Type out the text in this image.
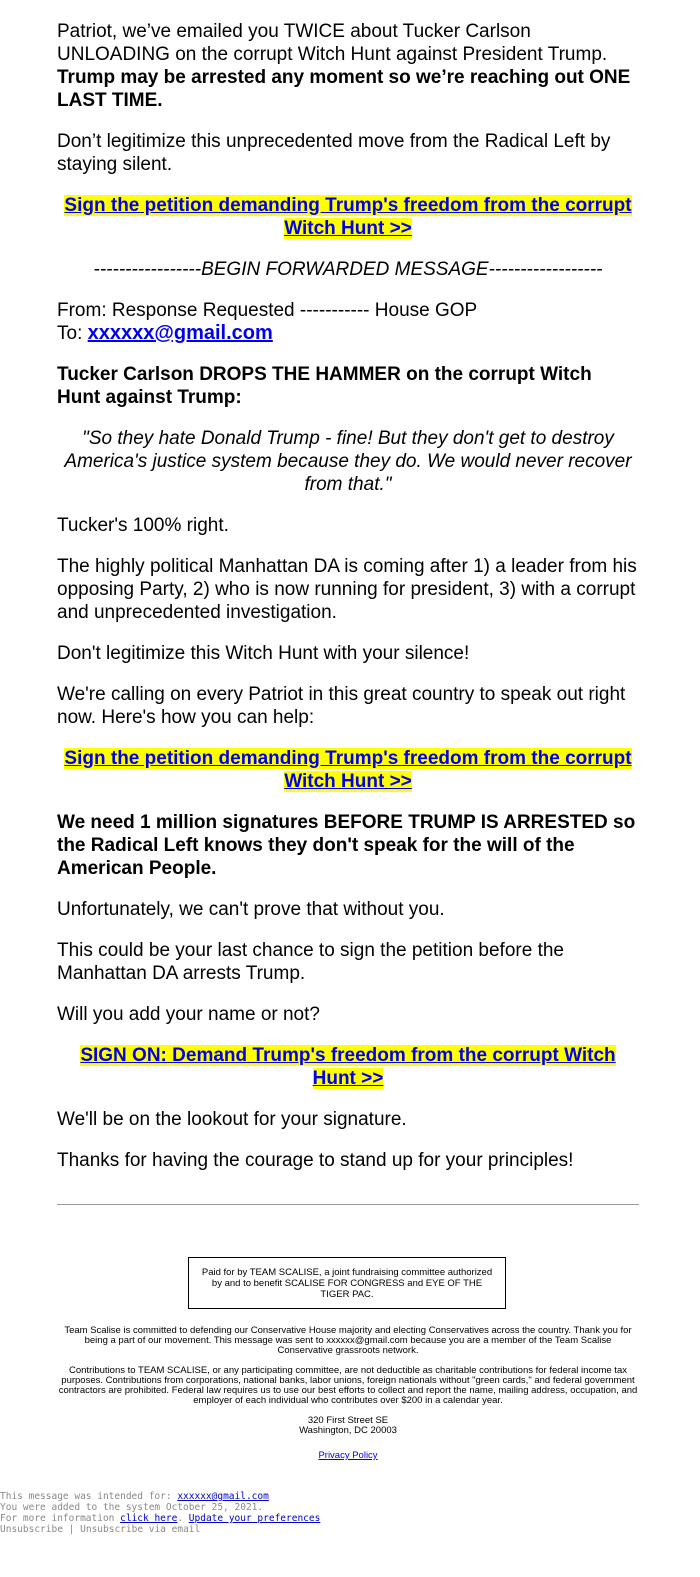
Patriot, we’ve emailed you TWICE about Tucker Carlson UNLOADING on the corrupt Witch Hunt against President Trump. Trump may be arrested any moment so we’re reaching out ONE LAST TIME.

Don’t legitimize this unprecedented move from the Radical Left by staying silent.

Sign the petition demanding Trump's freedom from the corrupt Witch Hunt >>

-----------------BEGIN FORWARDED MESSAGE------------------

From: Response Requested ----------- House GOP
To: xxxxxx@gmail.com

Tucker Carlson DROPS THE HAMMER on the corrupt Witch Hunt against Trump:

"So they hate Donald Trump - fine! But they don't get to destroy America's justice system because they do. We would never recover from that."

Tucker's 100% right.

The highly political Manhattan DA is coming after 1) a leader from his opposing Party, 2) who is now running for president, 3) with a corrupt and unprecedented investigation.

Don't legitimize this Witch Hunt with your silence!

We're calling on every Patriot in this great country to speak out right now. Here's how you can help:

Sign the petition demanding Trump's freedom from the corrupt Witch Hunt >>

We need 1 million signatures BEFORE TRUMP IS ARRESTED so the Radical Left knows they don't speak for the will of the American People.

Unfortunately, we can't prove that without you.

This could be your last chance to sign the petition before the Manhattan DA arrests Trump.

Will you add your name or not?

SIGN ON: Demand Trump's freedom from the corrupt Witch Hunt >>

We'll be on the lookout for your signature.

Thanks for having the courage to stand up for your principles!

Paid for by TEAM SCALISE, a joint fundraising committee authorized by and to benefit SCALISE FOR CONGRESS and EYE OF THE TIGER PAC.
Team Scalise is committed to defending our Conservative House majority and electing Conservatives across the country. Thank you for being a part of our movement. This message was sent to xxxxxx@gmail.com because you are a member of the Team Scalise Conservative grassroots network.
Contributions to TEAM SCALISE, or any participating committee, are not deductible as charitable contributions for federal income tax purposes. Contributions from corporations, national banks, labor unions, foreign nationals without "green cards," and federal government contractors are prohibited. Federal law requires us to use our best efforts to collect and report the name, mailing address, occupation, and employer of each individual who contributes over $200 in a calendar year.
320 First Street SE
Washington, DC 20003
Privacy Policy
This message was intended for: xxxxxx@gmail.com
You were added to the system October 25, 2021.
For more information click here. Update your preferences
Unsubscribe | Unsubscribe via email
